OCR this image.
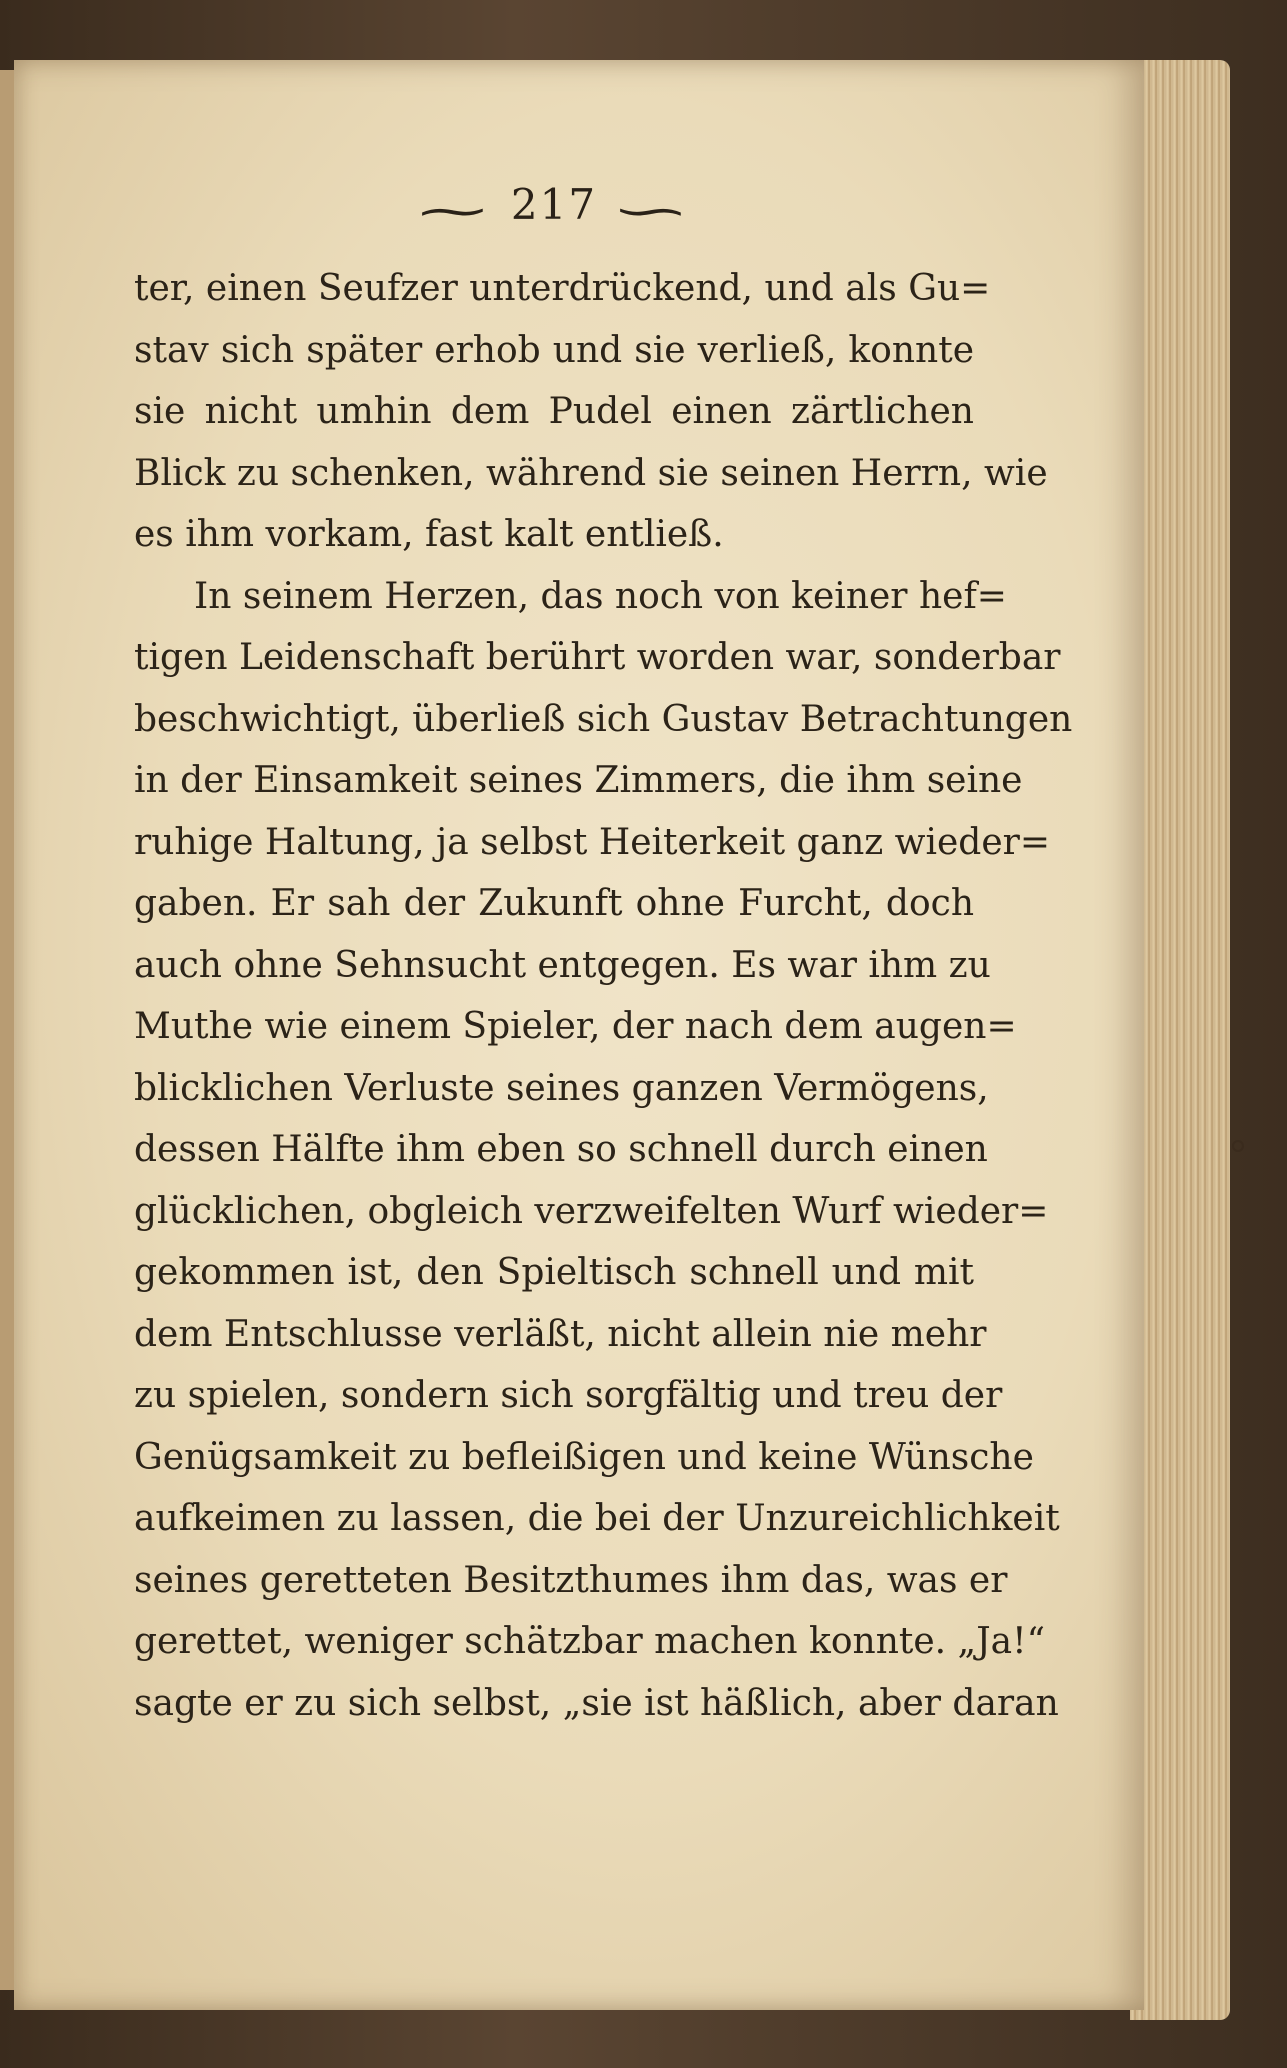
~ 217 ~
ter, einen Seufzer unterdrückend, und als Gu=
stav sich später erhob und sie verließ, konnte
sie nicht umhin dem Pudel einen zärtlichen
Blick zu schenken, während sie seinen Herrn, wie
es ihm vorkam, fast kalt entließ.
In seinem Herzen, das noch von keiner hef=
tigen Leidenschaft berührt worden war, sonderbar
beschwichtigt, überließ sich Gustav Betrachtungen
in der Einsamkeit seines Zimmers, die ihm seine
ruhige Haltung, ja selbst Heiterkeit ganz wieder=
gaben. Er sah der Zukunft ohne Furcht, doch
auch ohne Sehnsucht entgegen. Es war ihm zu
Muthe wie einem Spieler, der nach dem augen=
blicklichen Verluste seines ganzen Vermögens,
dessen Hälfte ihm eben so schnell durch einen
glücklichen, obgleich verzweifelten Wurf wieder=
gekommen ist, den Spieltisch schnell und mit
dem Entschlusse verläßt, nicht allein nie mehr
zu spielen, sondern sich sorgfältig und treu der
Genügsamkeit zu befleißigen und keine Wünsche
aufkeimen zu lassen, die bei der Unzureichlichkeit
seines geretteten Besitzthumes ihm das, was er
gerettet, weniger schätzbar machen konnte. „Ja!“
sagte er zu sich selbst, „sie ist häßlich, aber daran
